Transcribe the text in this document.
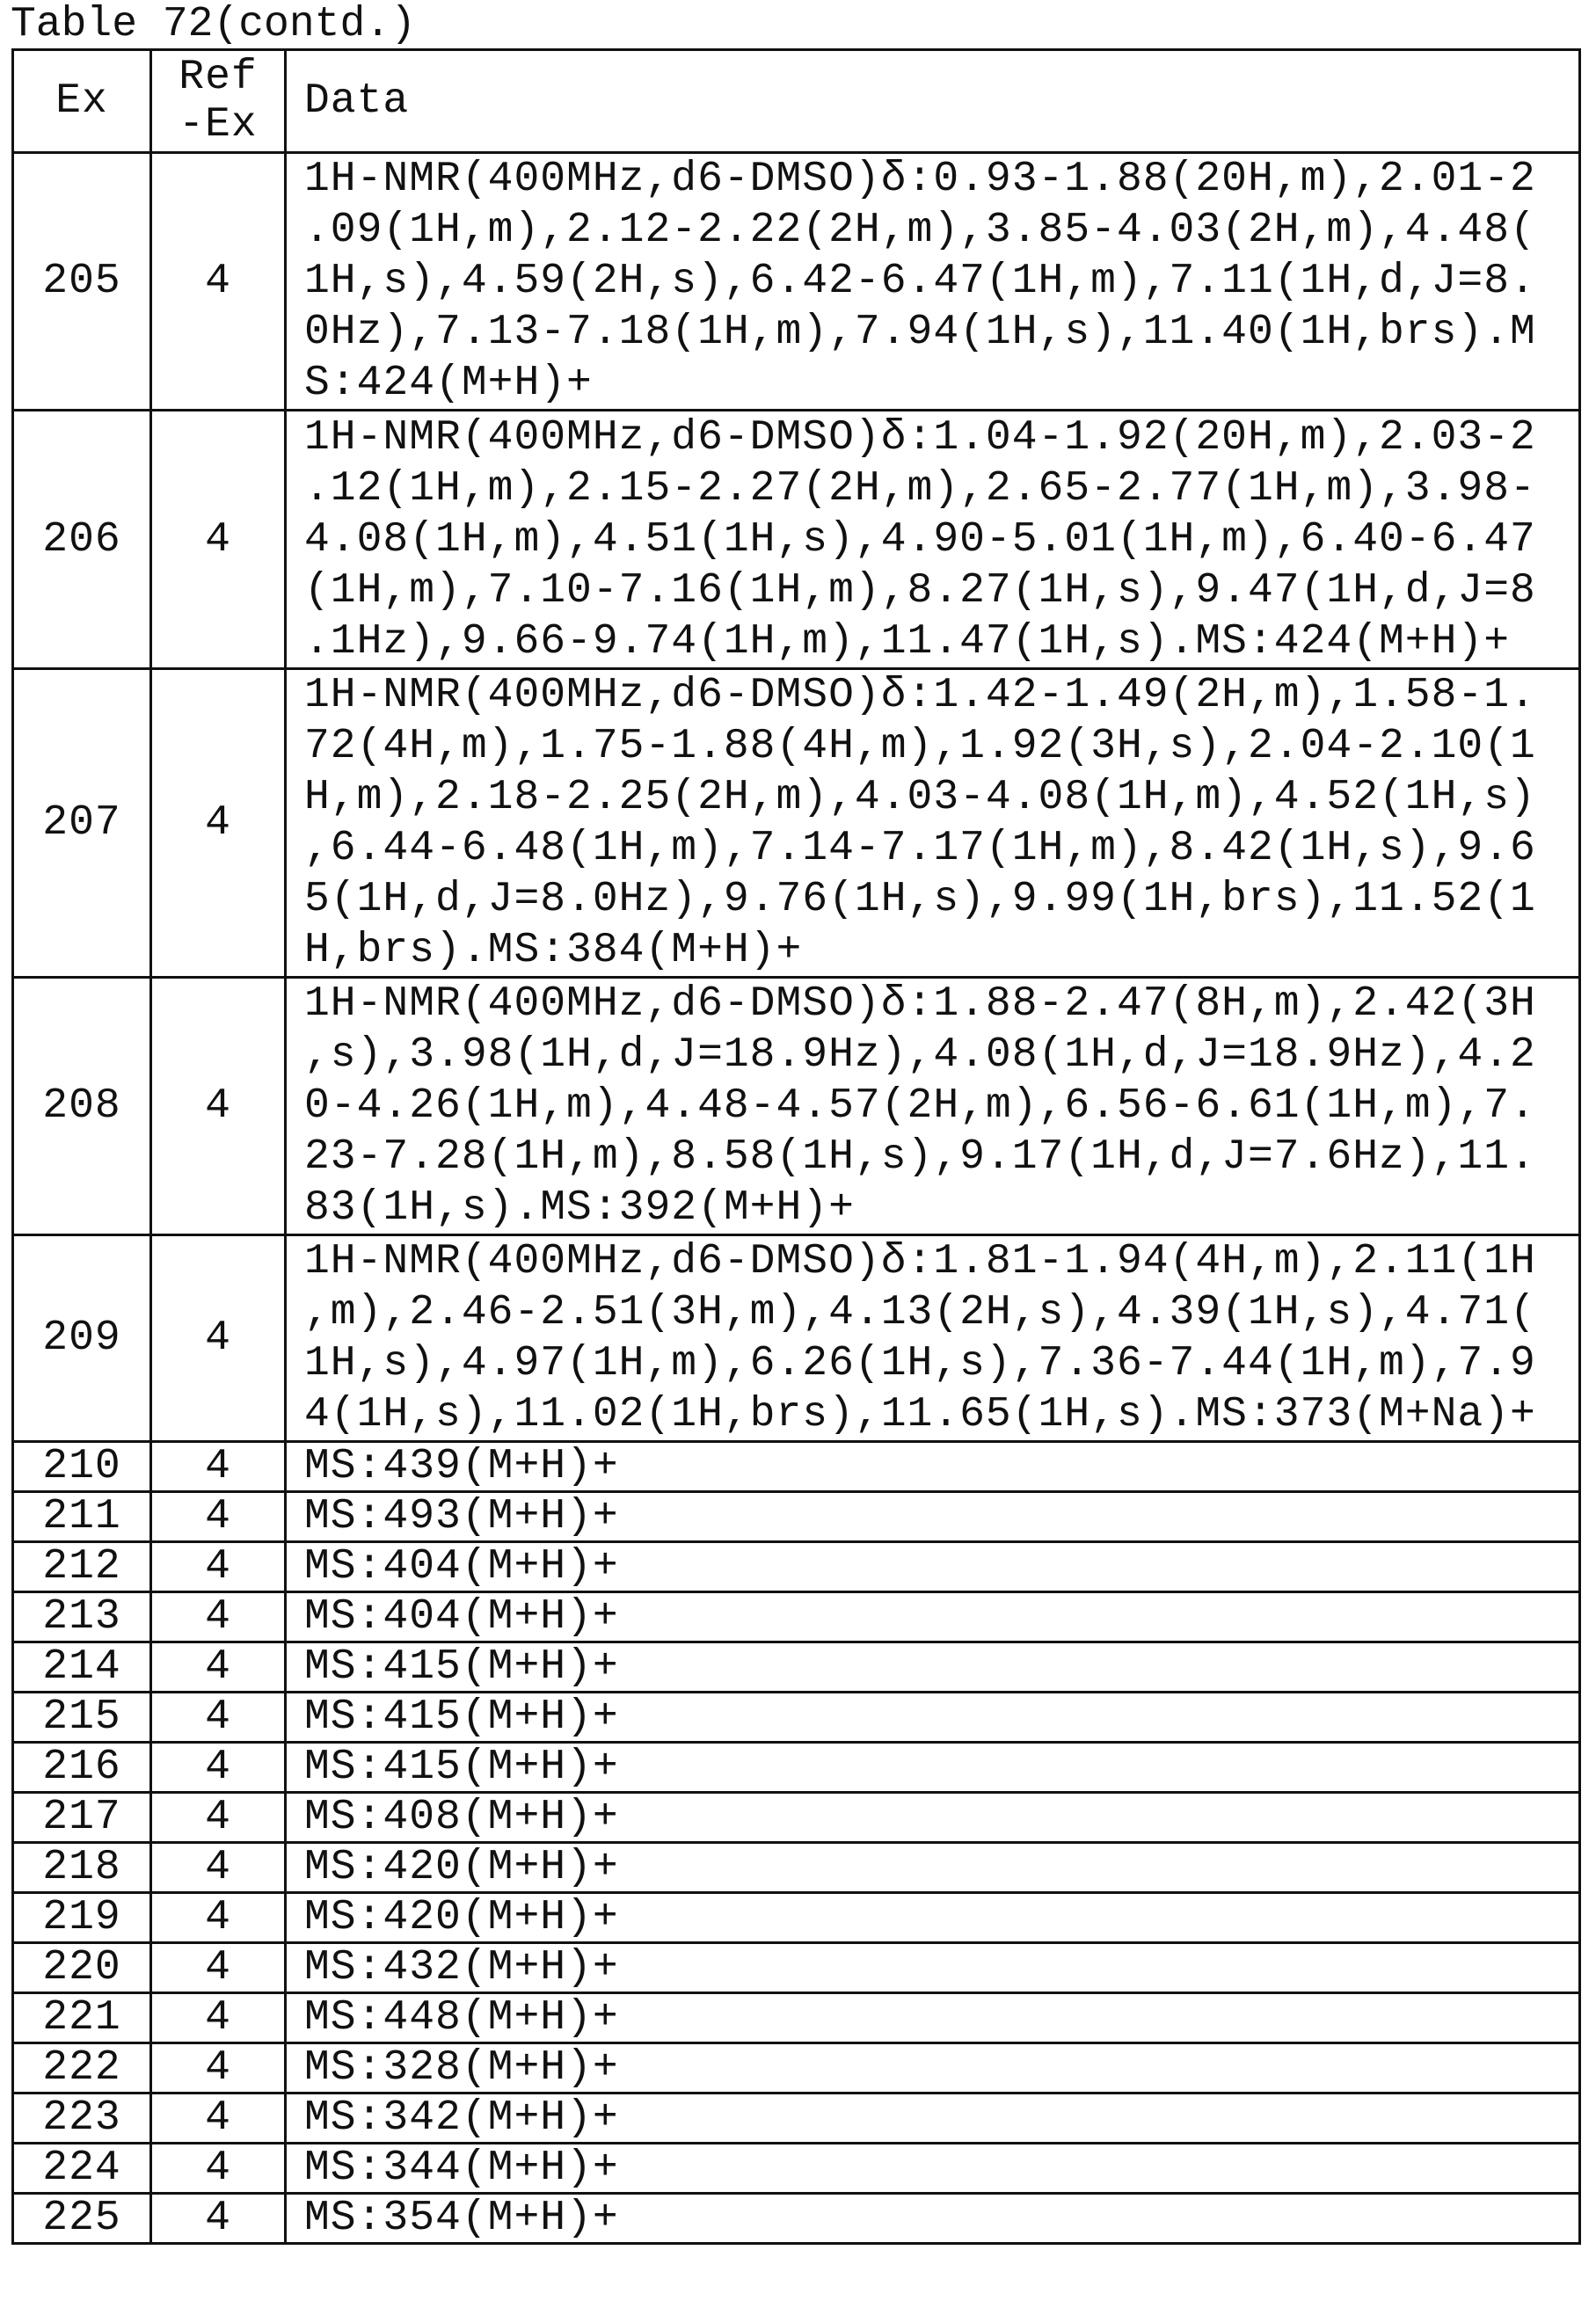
Table 72(contd.)
Ex	Ref
-Ex	Data

205	4

1H-NMR(400MHz,d6-DMSO)δ:0.93-1.88(20H,m),2.01-2
.09(1H,m),2.12-2.22(2H,m),3.85-4.03(2H,m),4.48(
1H,s),4.59(2H,s),6.42-6.47(1H,m),7.11(1H,d,J=8.
0Hz),7.13-7.18(1H,m),7.94(1H,s),11.40(1H,brs).M
S:424(M+H)+

206	4

1H-NMR(400MHz,d6-DMSO)δ:1.04-1.92(20H,m),2.03-2
.12(1H,m),2.15-2.27(2H,m),2.65-2.77(1H,m),3.98-
4.08(1H,m),4.51(1H,s),4.90-5.01(1H,m),6.40-6.47
(1H,m),7.10-7.16(1H,m),8.27(1H,s),9.47(1H,d,J=8
.1Hz),9.66-9.74(1H,m),11.47(1H,s).MS:424(M+H)+

207	4

1H-NMR(400MHz,d6-DMSO)δ:1.42-1.49(2H,m),1.58-1.
72(4H,m),1.75-1.88(4H,m),1.92(3H,s),2.04-2.10(1
H,m),2.18-2.25(2H,m),4.03-4.08(1H,m),4.52(1H,s)
,6.44-6.48(1H,m),7.14-7.17(1H,m),8.42(1H,s),9.6
5(1H,d,J=8.0Hz),9.76(1H,s),9.99(1H,brs),11.52(1
H,brs).MS:384(M+H)+

208	4

1H-NMR(400MHz,d6-DMSO)δ:1.88-2.47(8H,m),2.42(3H
,s),3.98(1H,d,J=18.9Hz),4.08(1H,d,J=18.9Hz),4.2
0-4.26(1H,m),4.48-4.57(2H,m),6.56-6.61(1H,m),7.
23-7.28(1H,m),8.58(1H,s),9.17(1H,d,J=7.6Hz),11.
83(1H,s).MS:392(M+H)+

209	4

1H-NMR(400MHz,d6-DMSO)δ:1.81-1.94(4H,m),2.11(1H
,m),2.46-2.51(3H,m),4.13(2H,s),4.39(1H,s),4.71(
1H,s),4.97(1H,m),6.26(1H,s),7.36-7.44(1H,m),7.9
4(1H,s),11.02(1H,brs),11.65(1H,s).MS:373(M+Na)+

210	4	MS:439(M+H)+

211	4	MS:493(M+H)+

212	4	MS:404(M+H)+

213	4	MS:404(M+H)+

214	4	MS:415(M+H)+

215	4	MS:415(M+H)+

216	4	MS:415(M+H)+

217	4	MS:408(M+H)+

218	4	MS:420(M+H)+

219	4	MS:420(M+H)+

220	4	MS:432(M+H)+

221	4	MS:448(M+H)+

222	4	MS:328(M+H)+

223	4	MS:342(M+H)+

224	4	MS:344(M+H)+

225	4	MS:354(M+H)+
